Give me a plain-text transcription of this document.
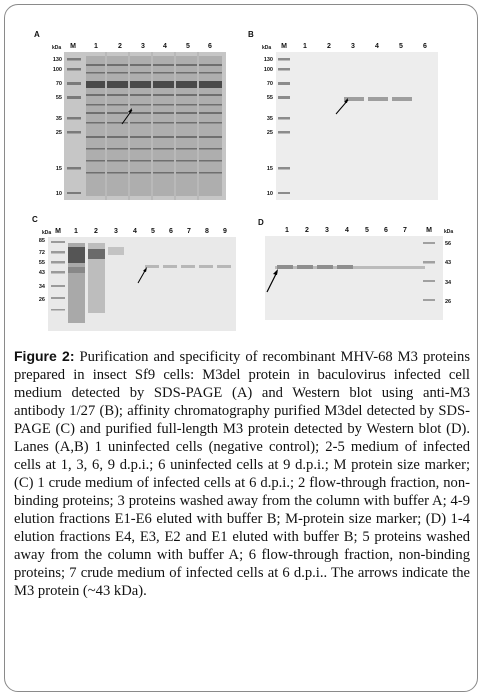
A
kDa	M	1	2	3	4	5	6
130
100
70
55
35
25
15
10
B
kDa	M	1	2	3	4	5	6
130
100
70
55
35
25
15
10
C
kDa M	1	2	3	4	5	6	7	8	9
85
72
55
43
34
26
D
1	2	3	4	5	6	7	M	kDa
56
43
34
26
Figure 2: Purification and specificity of recombinant MHV-68 M3 proteins prepared in insect Sf9 cells: M3del protein in baculovirus infected cell medium detected by SDS-PAGE (A) and Western blot using anti-M3 antibody 1/27 (B); affinity chromatography purified M3del detected by SDS-PAGE (C) and purified full-length M3 protein detected by Western blot (D). Lanes (A,B) 1 uninfected cells (negative control); 2-5 medium of infected cells at 1, 3, 6, 9 d.p.i.; 6 uninfected cells at 9 d.p.i.; M protein size marker; (C) 1 crude medium of infected cells at 6 d.p.i.; 2 flow-through fraction, non-binding proteins; 3 proteins washed away from the column with buffer A; 4-9 elution fractions E1-E6 eluted with buffer B; M-protein size marker; (D) 1-4 elution fractions E4, E3, E2 and E1 eluted with buffer B; 5 proteins washed away from the column with buffer A; 6 flow-through fraction, non-binding proteins; 7 crude medium of infected cells at 6 d.p.i.. The arrows indicate the M3 protein (~43 kDa).
